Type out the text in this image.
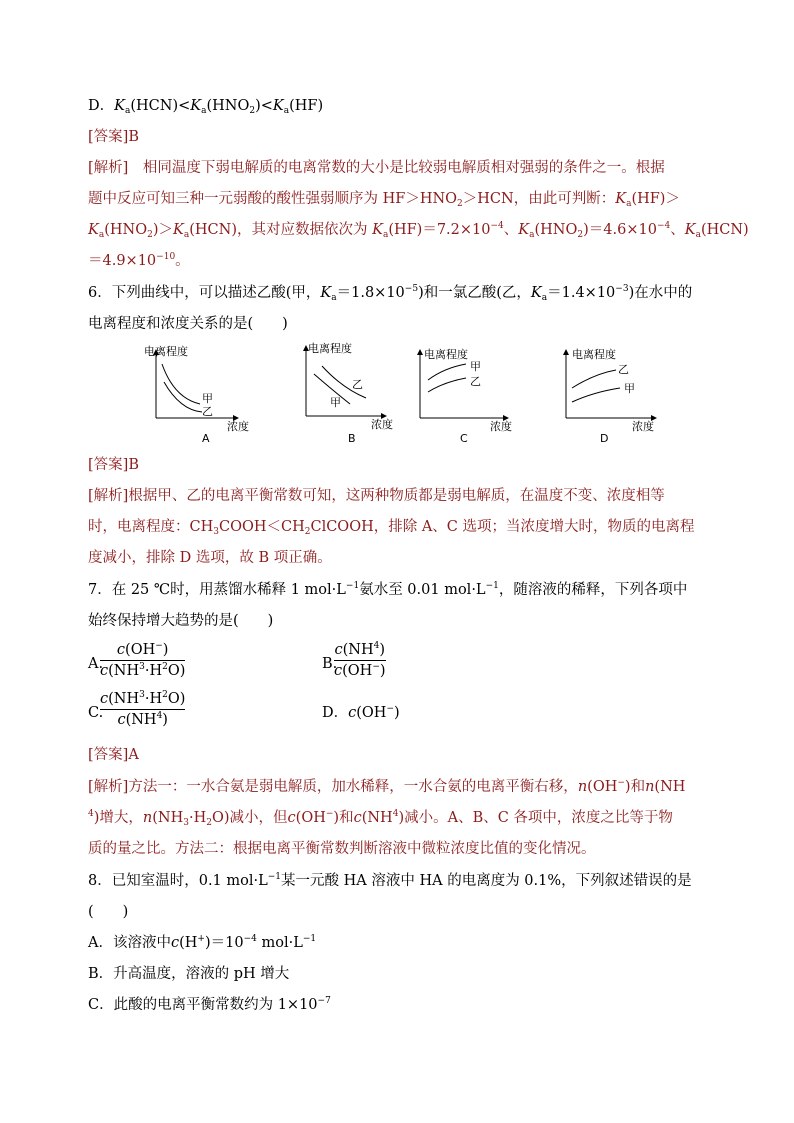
D．$K_a(HCN)<K_a(HNO_2)<K_a(HF)$
[答案]B
[解析]　相同温度下弱电解质的电离常数的大小是比较弱电解质相对强弱的条件之一。根据
题中反应可知三种一元弱酸的酸性强弱顺序为 $HF>HNO_2>HCN$，由此可判断：$K_a(HF)>$
$K_a(HNO_2)>K_a(HCN)$，其对应数据依次为 $K_a(HF)=7.2\times 10^{-4}$、$K_a(HNO_2)=4.6\times 10^{-4}$、$K_a(HCN)$
$=4.9\times 10^{-10}$。
6．下列曲线中，可以描述乙酸(甲，$K_a=1.8\times 10^{-5}$)和一氯乙酸(乙，$K_a=1.4\times 10^{-3}$)在水中的
电离程度和浓度关系的是(　　)
电离程度
浓度
甲
乙
A
电离程度
浓度
乙
甲
B
电离程度
浓度
甲
乙
C
电离程度
浓度
乙
甲
D
[答案]B
[解析]根据甲、乙的电离平衡常数可知，这两种物质都是弱电解质，在温度不变、浓度相等
时，电离程度：$CH_3COOH<CH_2ClCOOH$，排除 A、C 选项；当浓度增大时，物质的电离程
度减小，排除 D 选项，故 B 项正确。
7．在 25 ℃时，用蒸馏水稀释 1 $mol\cdot L^{-1}$氨水至 0.01 $mol\cdot L^{-1}$，随溶液的稀释，下列各项中
始终保持增大趋势的是(　　)
A.
c(OH−)
$c(NH^3\cdot H^2O)$	B.
$c(NH^4)$
c(OH−)
C.
$c(NH^3\cdot H^2O)$
$c(NH^4)$	D．c(OH−)
[答案]A
[解析]方法一：一水合氨是弱电解质，加水稀释，一水合氨的电离平衡右移，n(OH−)和n(NH
$^4$)增大，$n(NH_3\cdot H_2O)$减小，但c(OH−)和$c(NH^4)$减小。A、B、C 各项中，浓度之比等于物
质的量之比。方法二：根据电离平衡常数判断溶液中微粒浓度比值的变化情况。
8．已知室温时，0.1 $mol\cdot L^{-1}$某一元酸 HA 溶液中 HA 的电离度为 0.1%，下列叙述错误的是
(　　)
A．该溶液中$c(H^+)=10^{-4}$ $mol\cdot L^{-1}$
B．升高温度，溶液的 pH 增大
C．此酸的电离平衡常数约为 $1\times 10^{-7}$
